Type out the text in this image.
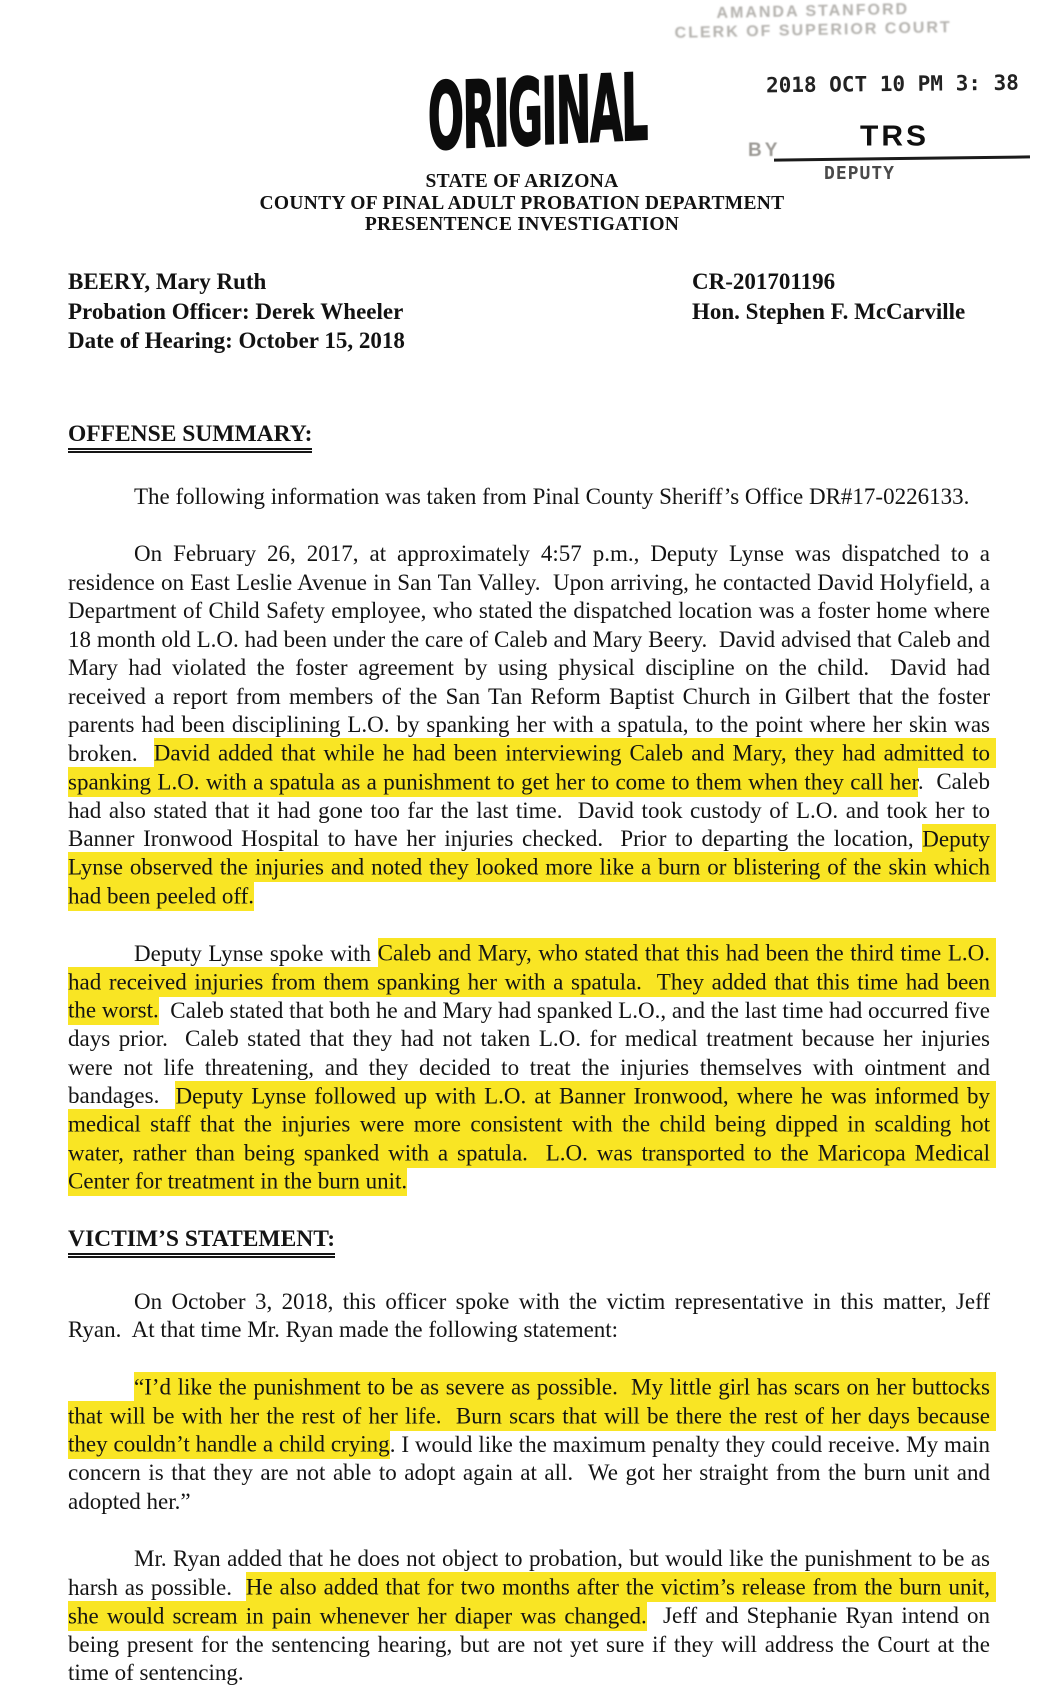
AMANDA STANFORD
CLERK OF SUPERIOR COURT
ORIGINAL	2018 OCT 10 PM 3: 38
BY	TRS
DEPUTY
STATE OF ARIZONA
COUNTY OF PINAL ADULT PROBATION DEPARTMENT
PRESENTENCE INVESTIGATION
BEERY, Mary Ruth
Probation Officer: Derek Wheeler
Date of Hearing: October 15, 2018
CR-201701196
Hon. Stephen F. McCarville
OFFENSE SUMMARY:

The following information was taken from Pinal County Sheriff’s Office DR#17-0226133.

On February 26, 2017, at approximately 4:57 p.m., Deputy Lynse was dispatched to a residence on East Leslie Avenue in San Tan Valley.  Upon arriving, he contacted David Holyfield, a Department of Child Safety employee, who stated the dispatched location was a foster home where 18 month old L.O. had been under the care of Caleb and Mary Beery.  David advised that Caleb and Mary had violated the foster agreement by using physical discipline on the child.  David had received a report from members of the San Tan Reform Baptist Church in Gilbert that the foster parents had been disciplining L.O. by spanking her with a spatula, to the point where her skin was broken.  David added that while he had been interviewing Caleb and Mary, they had admitted to spanking L.O. with a spatula as a punishment to get her to come to them when they call her.  Caleb had also stated that it had gone too far the last time.  David took custody of L.O. and took her to Banner Ironwood Hospital to have her injuries checked.  Prior to departing the location, Deputy Lynse observed the injuries and noted they looked more like a burn or blistering of the skin which had been peeled off.

Deputy Lynse spoke with Caleb and Mary, who stated that this had been the third time L.O. had received injuries from them spanking her with a spatula.  They added that this time had been the worst.  Caleb stated that both he and Mary had spanked L.O., and the last time had occurred five days prior.  Caleb stated that they had not taken L.O. for medical treatment because her injuries were not life threatening, and they decided to treat the injuries themselves with ointment and bandages.  Deputy Lynse followed up with L.O. at Banner Ironwood, where he was informed by medical staff that the injuries were more consistent with the child being dipped in scalding hot water, rather than being spanked with a spatula.  L.O. was transported to the Maricopa Medical Center for treatment in the burn unit.

VICTIM’S STATEMENT:

On October 3, 2018, this officer spoke with the victim representative in this matter, Jeff Ryan.  At that time Mr. Ryan made the following statement:

“I’d like the punishment to be as severe as possible.  My little girl has scars on her buttocks that will be with her the rest of her life.  Burn scars that will be there the rest of her days because they couldn’t handle a child crying. I would like the maximum penalty they could receive. My main concern is that they are not able to adopt again at all.  We got her straight from the burn unit and adopted her.”

Mr. Ryan added that he does not object to probation, but would like the punishment to be as harsh as possible.  He also added that for two months after the victim’s release from the burn unit, she would scream in pain whenever her diaper was changed.  Jeff and Stephanie Ryan intend on being present for the sentencing hearing, but are not yet sure if they will address the Court at the time of sentencing.
